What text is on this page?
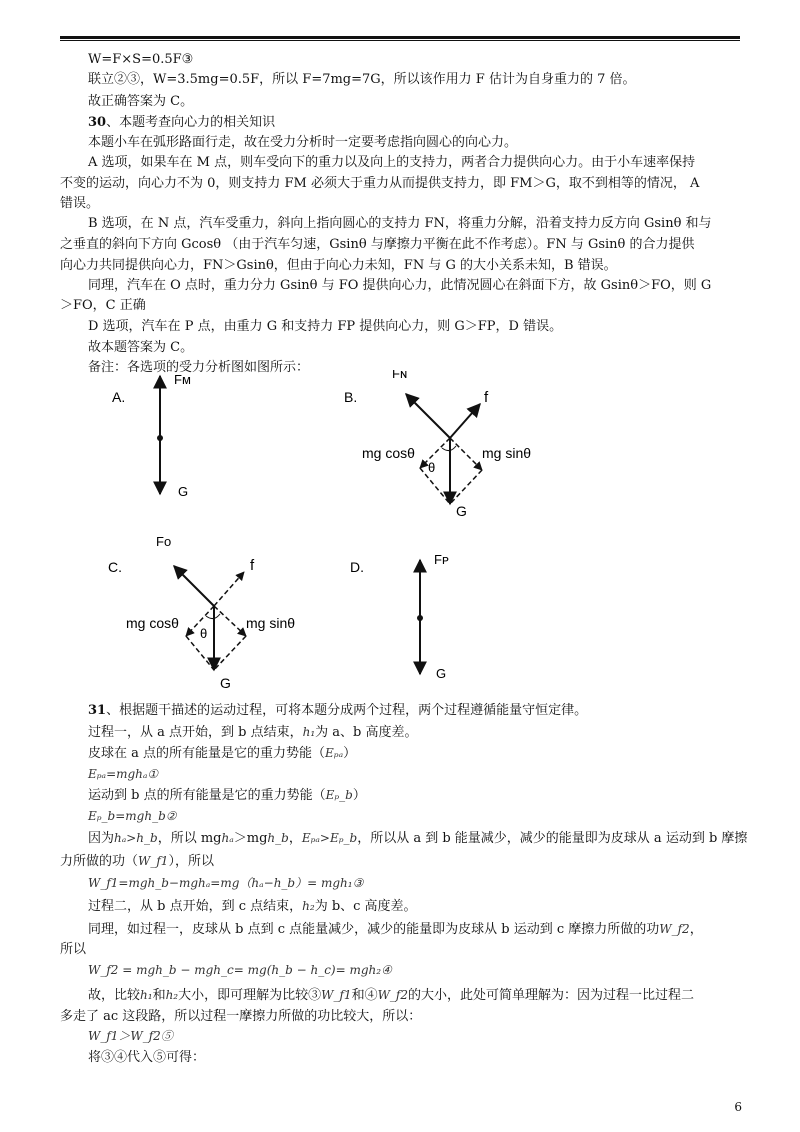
W=F×S=0.5F③
联立②③，W=3.5mg=0.5F，所以 F=7mg=7G，所以该作用力 F 估计为自身重力的 7 倍。
故正确答案为 C。
30、本题考查向心力的相关知识
本题小车在弧形路面行走，故在受力分析时一定要考虑指向圆心的向心力。
A 选项，如果车在 M 点，则车受向下的重力以及向上的支持力，两者合力提供向心力。由于小车速率保持
不变的运动，向心力不为 0，则支持力 FM 必须大于重力从而提供支持力，即 FM＞G，取不到相等的情况， A
错误。
B 选项，在 N 点，汽车受重力，斜向上指向圆心的支持力 FN，将重力分解，沿着支持力反方向 Gsinθ 和与
之垂直的斜向下方向 Gcosθ （由于汽车匀速，Gsinθ 与摩擦力平衡在此不作考虑）。FN 与 Gsinθ 的合力提供
向心力共同提供向心力，FN＞Gsinθ，但由于向心力未知，FN 与 G 的大小关系未知，B 错误。
同理，汽车在 O 点时，重力分力 Gsinθ 与 FO 提供向心力，此情况圆心在斜面下方，故 Gsinθ＞FO，则 G
＞FO，C 正确
D 选项，汽车在 P 点，由重力 G 和支持力 FP 提供向心力，则 G＞FP，D 错误。
故本题答案为 C。
备注：各选项的受力分析图如图所示：
A.
Fм
G
B.
Fɴ
f
mg cosθ	mg sinθ
θ
G
C.
Fo
f
mg cosθ	mg sinθ
θ
G
D.	Fᴘ
G
31、根据题干描述的运动过程，可将本题分成两个过程，两个过程遵循能量守恒定律。
过程一，从 a 点开始，到 b 点结束，h₁为 a、b 高度差。
皮球在 a 点的所有能量是它的重力势能（Eₚₐ）
Eₚₐ=mghₐ①
运动到 b 点的所有能量是它的重力势能（Eₚ_b）
Eₚ_b=mgh_b②
因为hₐ>h_b，所以 mghₐ＞mgh_b，Eₚₐ>Eₚ_b，所以从 a 到 b 能量减少，减少的能量即为皮球从 a 运动到 b 摩擦
力所做的功（W_f1），所以
W_f1=mgh_b−mghₐ=mg（hₐ−h_b）= mgh₁③
过程二，从 b 点开始，到 c 点结束，h₂为 b、c 高度差。
同理，如过程一，皮球从 b 点到 c 点能量减少，减少的能量即为皮球从 b 运动到 c 摩擦力所做的功W_f2，
所以
W_f2 = mgh_b − mgh_c= mg(h_b − h_c)= mgh₂④
故，比较h₁和h₂大小，即可理解为比较③W_f1和④W_f2的大小，此处可简单理解为：因为过程一比过程二
多走了 ac 这段路，所以过程一摩擦力所做的功比较大，所以：
W_f1＞W_f2⑤
将③④代入⑤可得：
6
